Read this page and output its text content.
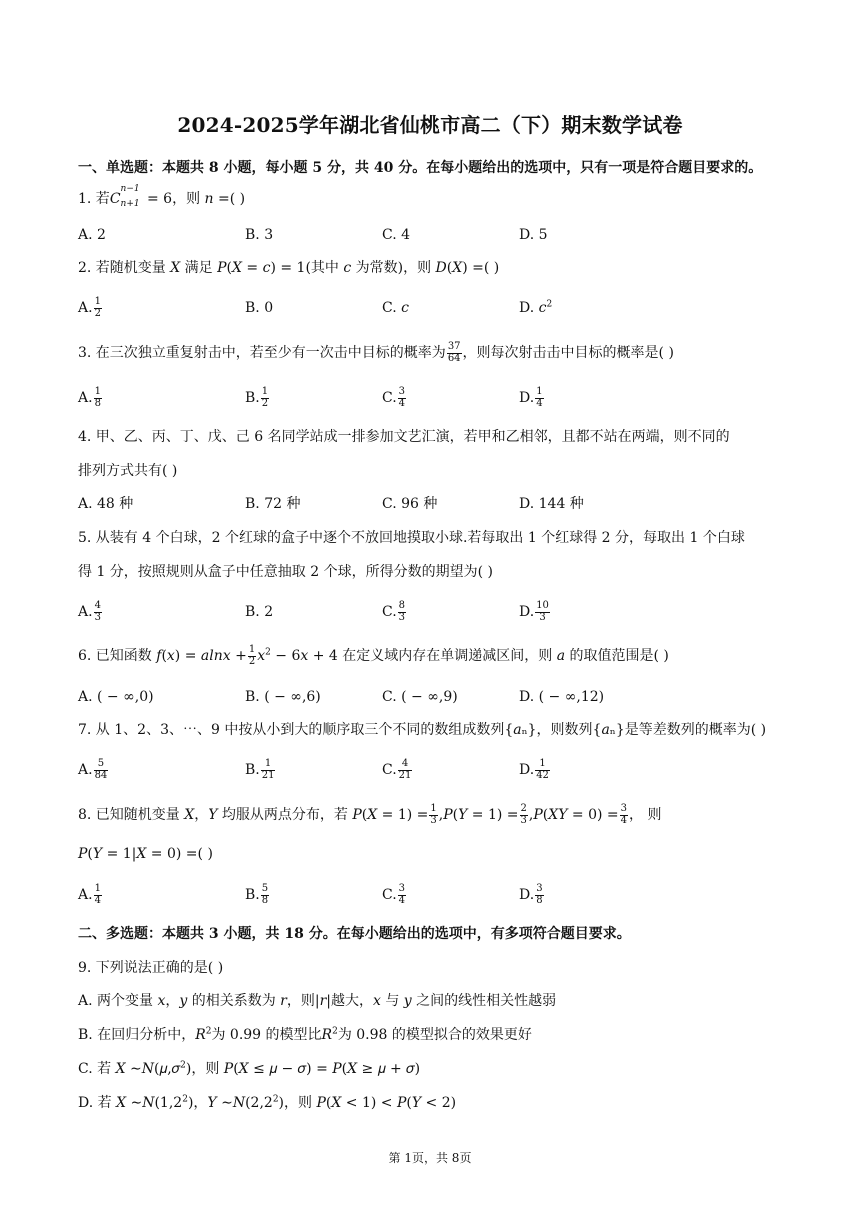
2024-2025学年湖北省仙桃市高二（下）期末数学试卷
一、单选题：本题共 8 小题，每小题 5 分，共 40 分。在每小题给出的选项中，只有一项是符合题目要求的。
1. 若C
n−1
n+1 = 6，则 𝑛 =( )
A. 2	B. 3	C. 4	D. 5
2. 若随机变量 𝑋 满足 𝑃(𝑋 = 𝑐) = 1(其中 𝑐 为常数)，则 𝐷(𝑋) =( )
A. $\frac{1}{2}$	B. 0	C. 𝑐	D. 𝑐$^2$
3. 在三次独立重复射击中，若至少有一次击中目标的概率为 $\frac{37}{64}$ ，则每次射击击中目标的概率是( )
A. $\frac{1}{8}$	B. $\frac{1}{2}$	C. $\frac{3}{4}$	D. $\frac{1}{4}$
4. 甲、乙、丙、丁、戊、己 6 名同学站成一排参加文艺汇演，若甲和乙相邻，且都不站在两端，则不同的
排列方式共有( )
A. 48 种	B. 72 种	C. 96 种	D. 144 种
5. 从装有 4 个白球，2 个红球的盒子中逐个不放回地摸取小球.若每取出 1 个红球得 2 分，每取出 1 个白球
得 1 分，按照规则从盒子中任意抽取 2 个球，所得分数的期望为( )
A. $\frac{4}{3}$	B. 2	C. $\frac{8}{3}$	D. $\frac{10}{3}$
6. 已知函数 𝑓(𝑥) = 𝑎𝑙𝑛𝑥 + $\frac{1}{2}$ 𝑥$^2$ − 6𝑥 + 4 在定义域内存在单调递减区间，则 𝑎 的取值范围是( )
A. ( − ∞,0)	B. ( − ∞,6)	C. ( − ∞,9)	D. ( − ∞,12)
7. 从 1、2、3、⋯、9 中按从小到大的顺序取三个不同的数组成数列{𝑎ₙ}，则数列{𝑎ₙ}是等差数列的概率为( )
A. $\frac{5}{84}$	B. $\frac{1}{21}$	C. $\frac{4}{21}$	D. $\frac{1}{42}$
8. 已知随机变量 𝑋，𝑌 均服从两点分布，若 𝑃(𝑋 = $1) = \frac{1}{3}$ ,𝑃(𝑌 = $1) = \frac{2}{3}$ ,𝑃(𝑋𝑌 = $0) = \frac{3}{4}$ ， 则
𝑃(𝑌 = 1|𝑋 = 0) =( )
A. $\frac{1}{4}$	B. $\frac{5}{8}$	C. $\frac{3}{4}$	D. $\frac{3}{8}$
二、多选题：本题共 3 小题，共 18 分。在每小题给出的选项中，有多项符合题目要求。
9. 下列说法正确的是( )
A. 两个变量 𝑥，𝑦 的相关系数为 𝑟，则|𝑟|越大，𝑥 与 𝑦 之间的线性相关性越弱
B. 在回归分析中，𝑅$^2$为 0.99 的模型比𝑅$^2$为 0.98 的模型拟合的效果更好
C. 若 𝑋 ∼𝑁(𝜇,𝜎$^2$)，则 𝑃(𝑋 ≤ 𝜇 − 𝜎) = 𝑃(𝑋 ≥ 𝜇 + 𝜎)
D. 若 𝑋 $\sim 𝑁(1,2^2)$，𝑌 $\sim 𝑁(2,2^2)$，则 𝑃(𝑋 < 1) < 𝑃(𝑌 < 2)
第 1页，共 8页
